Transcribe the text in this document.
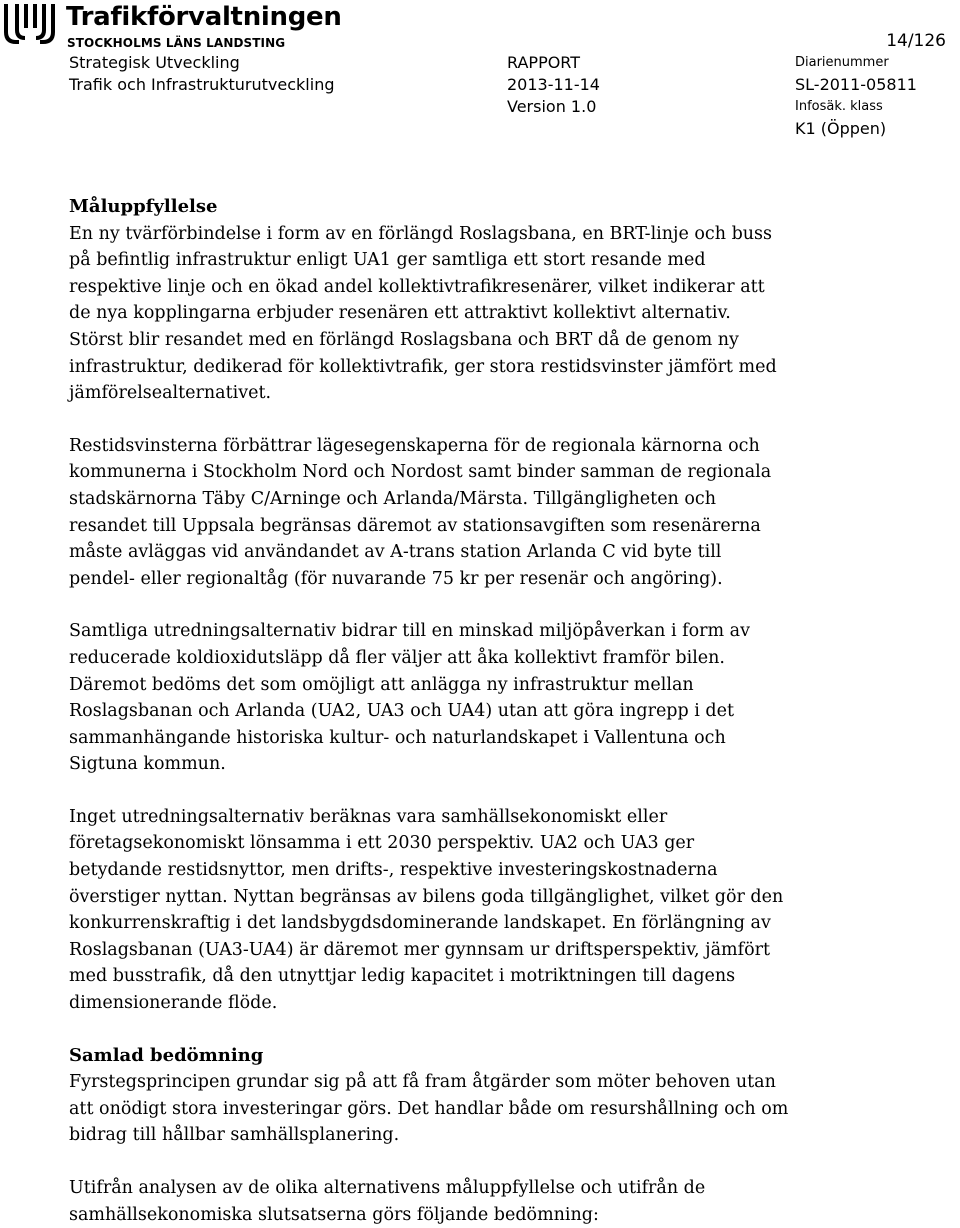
Trafikförvaltningen
STOCKHOLMS LÄNS LANDSTING	14/126
Strategisk Utveckling
Trafik och Infrastrukturutveckling
RAPPORT
2013-11-14
Version 1.0
Diarienummer
SL-2011-05811
Infosäk. klass
K1 (Öppen)
Måluppfyllelse

En ny tvärförbindelse i form av en förlängd Roslagsbana, en BRT-linje och buss
på befintlig infrastruktur enligt UA1 ger samtliga ett stort resande med
respektive linje och en ökad andel kollektivtrafikresenärer, vilket indikerar att
de nya kopplingarna erbjuder resenären ett attraktivt kollektivt alternativ.
Störst blir resandet med en förlängd Roslagsbana och BRT då de genom ny
infrastruktur, dedikerad för kollektivtrafik, ger stora restidsvinster jämfört med
jämförelsealternativet.

Restidsvinsterna förbättrar lägesegenskaperna för de regionala kärnorna och
kommunerna i Stockholm Nord och Nordost samt binder samman de regionala
stadskärnorna Täby C/Arninge och Arlanda/Märsta. Tillgängligheten och
resandet till Uppsala begränsas däremot av stationsavgiften som resenärerna
måste avläggas vid användandet av A-trans station Arlanda C vid byte till
pendel- eller regionaltåg (för nuvarande 75 kr per resenär och angöring).

Samtliga utredningsalternativ bidrar till en minskad miljöpåverkan i form av
reducerade koldioxidutsläpp då fler väljer att åka kollektivt framför bilen.
Däremot bedöms det som omöjligt att anlägga ny infrastruktur mellan
Roslagsbanan och Arlanda (UA2, UA3 och UA4) utan att göra ingrepp i det
sammanhängande historiska kultur- och naturlandskapet i Vallentuna och
Sigtuna kommun.

Inget utredningsalternativ beräknas vara samhällsekonomiskt eller
företagsekonomiskt lönsamma i ett 2030 perspektiv. UA2 och UA3 ger
betydande restidsnyttor, men drifts-, respektive investeringskostnaderna
överstiger nyttan. Nyttan begränsas av bilens goda tillgänglighet, vilket gör den
konkurrenskraftig i det landsbygdsdominerande landskapet. En förlängning av
Roslagsbanan (UA3-UA4) är däremot mer gynnsam ur driftsperspektiv, jämfört
med busstrafik, då den utnyttjar ledig kapacitet i motriktningen till dagens
dimensionerande flöde.

Samlad bedömning

Fyrstegsprincipen grundar sig på att få fram åtgärder som möter behoven utan
att onödigt stora investeringar görs. Det handlar både om resurshållning och om
bidrag till hållbar samhällsplanering.

Utifrån analysen av de olika alternativens måluppfyllelse och utifrån de
samhällsekonomiska slutsatserna görs följande bedömning:
